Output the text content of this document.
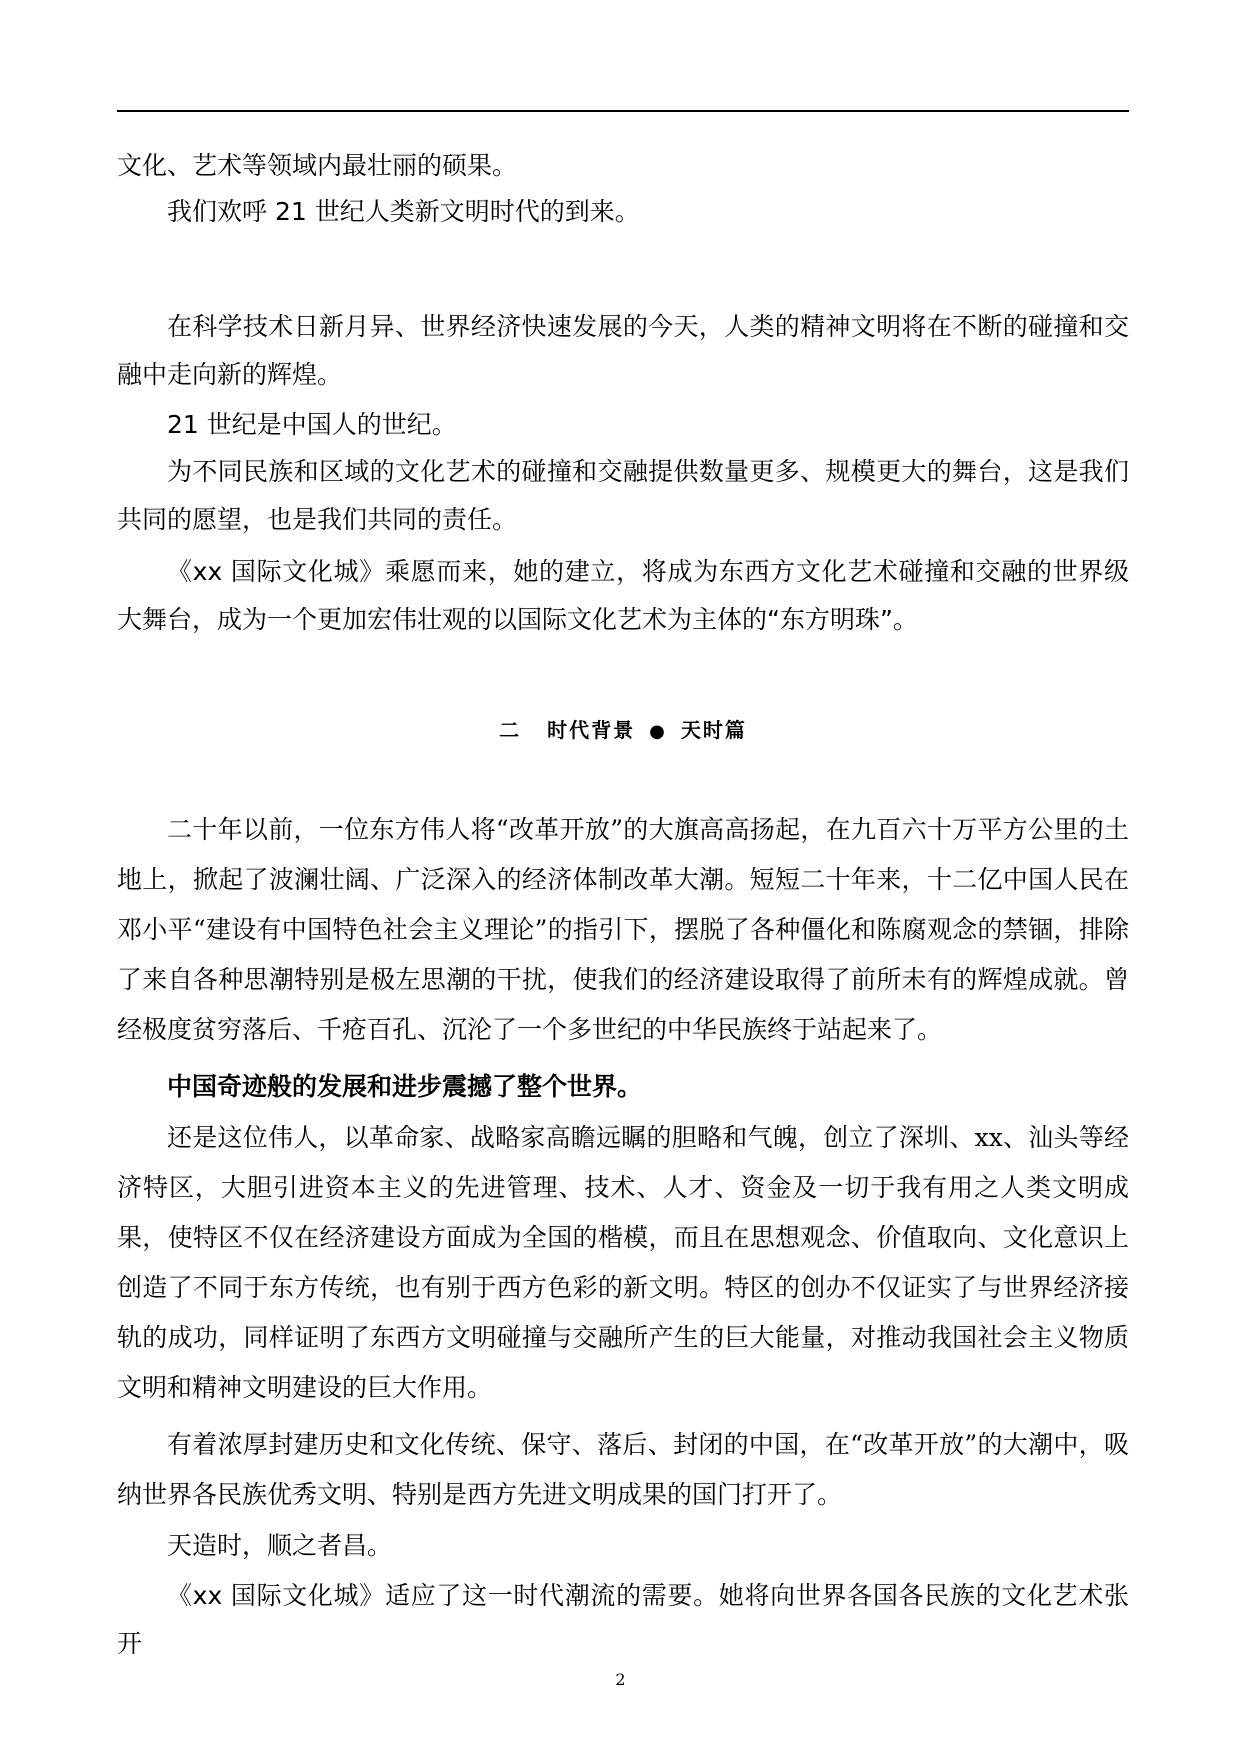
文化、艺术等领域内最壮丽的硕果。

我们欢呼 21 世纪人类新文明时代的到来。

在科学技术日新月异、世界经济快速发展的今天，人类的精神文明将在不断的碰撞和交融中走向新的辉煌。

21 世纪是中国人的世纪。

为不同民族和区域的文化艺术的碰撞和交融提供数量更多、规模更大的舞台，这是我们共同的愿望，也是我们共同的责任。

《xx 国际文化城》乘愿而来，她的建立，将成为东西方文化艺术碰撞和交融的世界级大舞台，成为一个更加宏伟壮观的以国际文化艺术为主体的“东方明珠”。

二 时代背景 ● 天时篇

二十年以前，一位东方伟人将“改革开放”的大旗高高扬起，在九百六十万平方公里的土地上，掀起了波澜壮阔、广泛深入的经济体制改革大潮。短短二十年来，十二亿中国人民在邓小平“建设有中国特色社会主义理论”的指引下，摆脱了各种僵化和陈腐观念的禁锢，排除了来自各种思潮特别是极左思潮的干扰，使我们的经济建设取得了前所未有的辉煌成就。曾经极度贫穷落后、千疮百孔、沉沦了一个多世纪的中华民族终于站起来了。

中国奇迹般的发展和进步震撼了整个世界。

还是这位伟人，以革命家、战略家高瞻远瞩的胆略和气魄，创立了深圳、xx、汕头等经济特区，大胆引进资本主义的先进管理、技术、人才、资金及一切于我有用之人类文明成果，使特区不仅在经济建设方面成为全国的楷模，而且在思想观念、价值取向、文化意识上创造了不同于东方传统，也有别于西方色彩的新文明。特区的创办不仅证实了与世界经济接轨的成功，同样证明了东西方文明碰撞与交融所产生的巨大能量，对推动我国社会主义物质文明和精神文明建设的巨大作用。

有着浓厚封建历史和文化传统、保守、落后、封闭的中国，在“改革开放”的大潮中，吸纳世界各民族优秀文明、特别是西方先进文明成果的国门打开了。

天造时，顺之者昌。

《xx 国际文化城》适应了这一时代潮流的需要。她将向世界各国各民族的文化艺术张开

2
